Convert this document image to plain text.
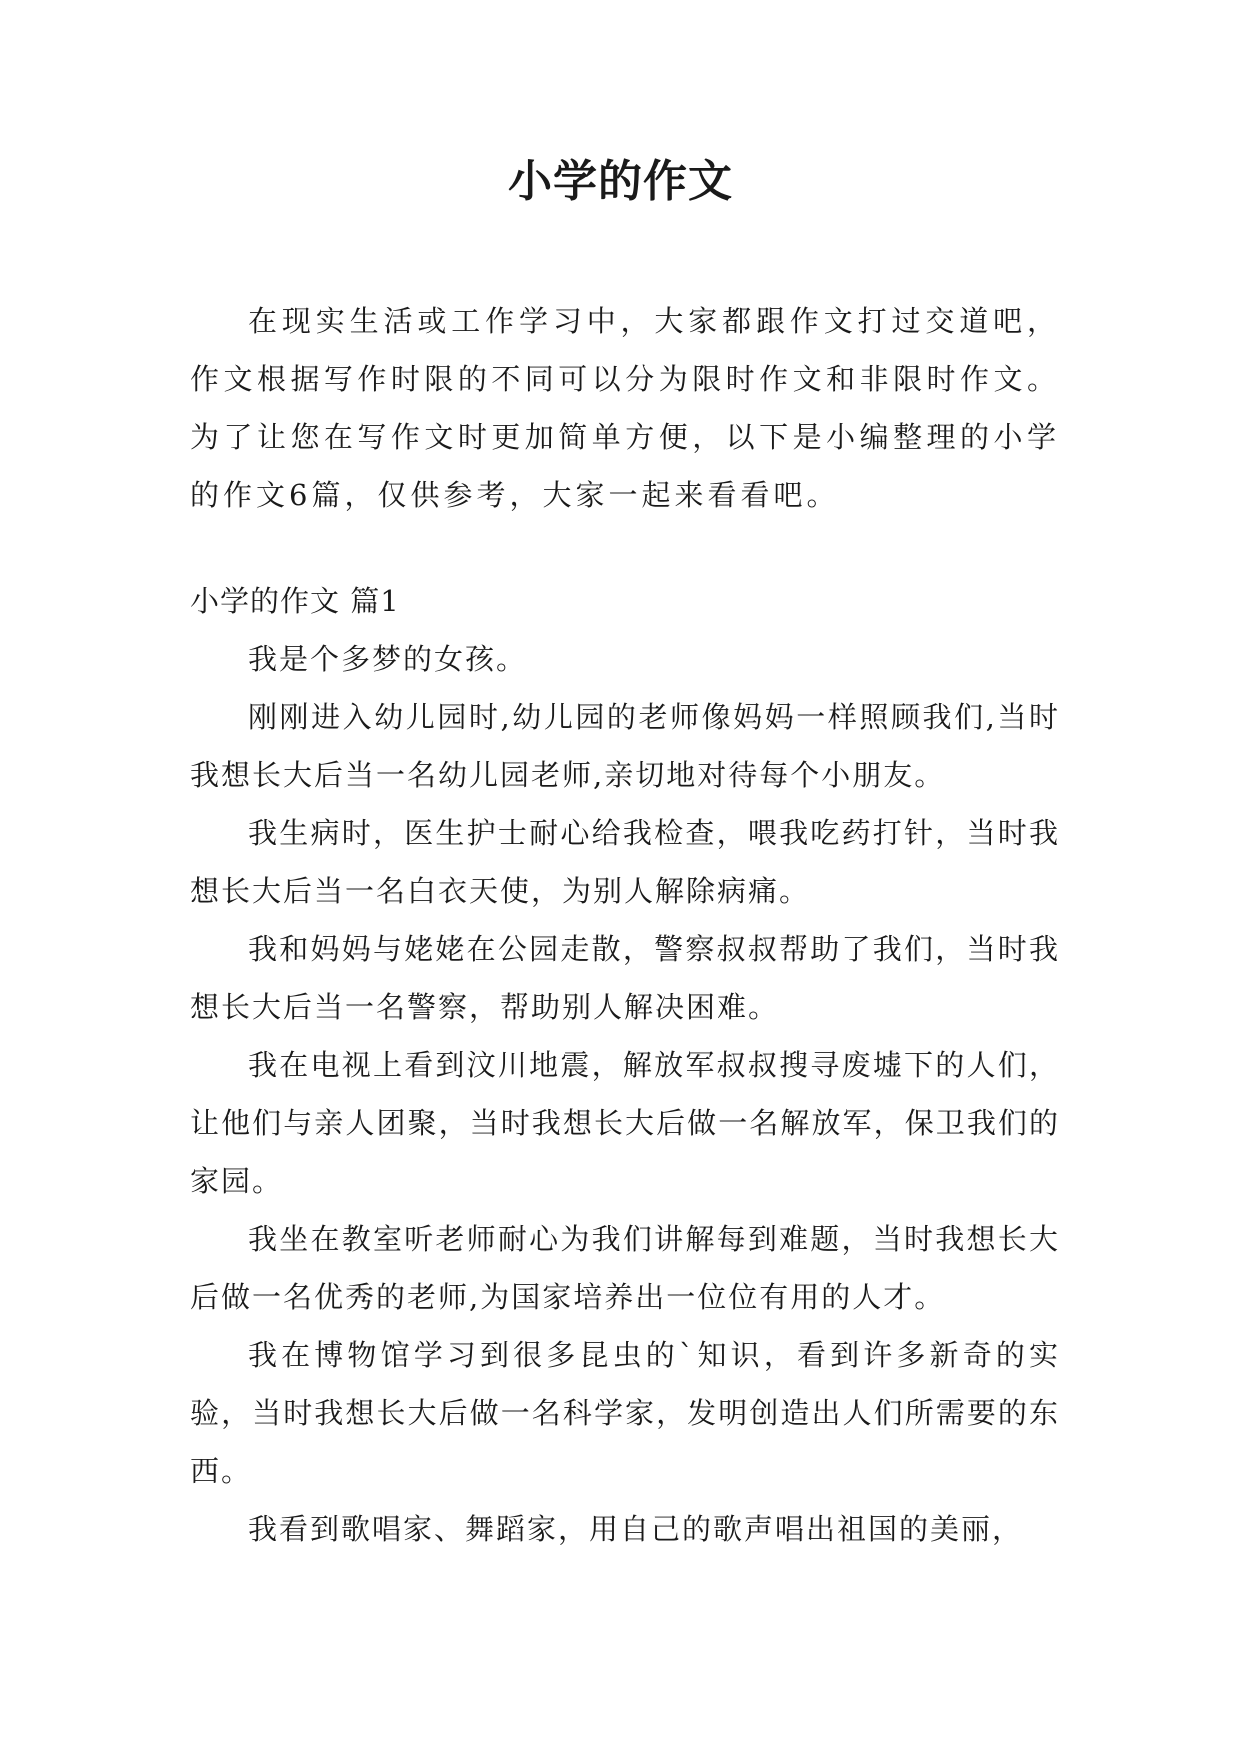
小学的作文

在现实生活或工作学习中，大家都跟作文打过交道吧，作文根据写作时限的不同可以分为限时作文和非限时作文。为了让您在写作文时更加简单方便，以下是小编整理的小学的作文6篇，仅供参考，大家一起来看看吧。

小学的作文 篇1

我是个多梦的女孩。

刚刚进入幼儿园时,幼儿园的老师像妈妈一样照顾我们,当时我想长大后当一名幼儿园老师,亲切地对待每个小朋友。

我生病时，医生护士耐心给我检查，喂我吃药打针，当时我想长大后当一名白衣天使，为别人解除病痛。

我和妈妈与姥姥在公园走散，警察叔叔帮助了我们，当时我想长大后当一名警察，帮助别人解决困难。

我在电视上看到汶川地震，解放军叔叔搜寻废墟下的人们，让他们与亲人团聚，当时我想长大后做一名解放军，保卫我们的家园。

我坐在教室听老师耐心为我们讲解每到难题，当时我想长大后做一名优秀的老师,为国家培养出一位位有用的人才。

我在博物馆学习到很多昆虫的`知识，看到许多新奇的实验，当时我想长大后做一名科学家，发明创造出人们所需要的东西。

我看到歌唱家、舞蹈家，用自己的歌声唱出祖国的美丽，
